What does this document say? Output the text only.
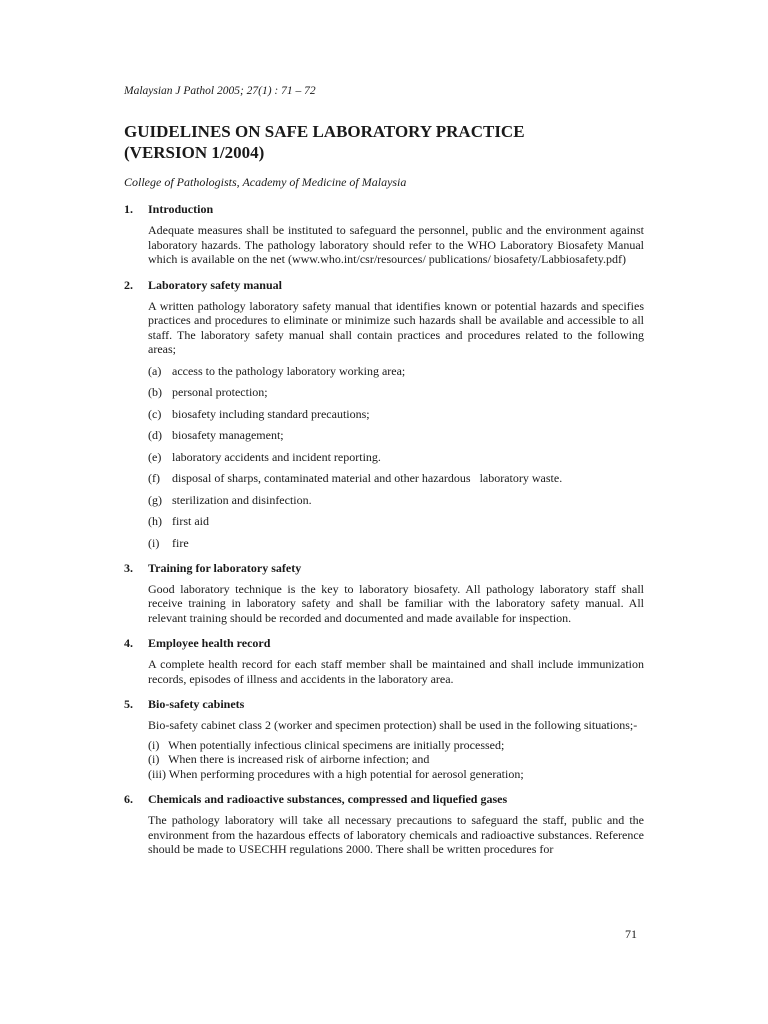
Malaysian J Pathol 2005; 27(1) : 71 – 72
GUIDELINES ON SAFE LABORATORY PRACTICE
(VERSION 1/2004)
College of Pathologists, Academy of Medicine of Malaysia
1. Introduction

Adequate measures shall be instituted to safeguard the personnel, public and the environment against laboratory hazards. The pathology laboratory should refer to the WHO Laboratory Biosafety Manual which is available on the net (www.who.int/csr/resources/ publications/ biosafety/Labbiosafety.pdf)

2. Laboratory safety manual

A written pathology laboratory safety manual that identifies known or potential hazards and specifies practices and procedures to eliminate or minimize such hazards shall be available and accessible to all staff. The laboratory safety manual shall contain practices and procedures related to the following areas;

(a) access to the pathology laboratory working area;
(b) personal protection;
(c) biosafety including standard precautions;
(d) biosafety management;
(e) laboratory accidents and incident reporting.
(f) disposal of sharps, contaminated material and other hazardous   laboratory waste.
(g) sterilization and disinfection.
(h) first aid
(i) fire
3. Training for laboratory safety

Good laboratory technique is the key to laboratory biosafety. All pathology laboratory staff shall receive training in laboratory safety and shall be familiar with the laboratory safety manual. All relevant training should be recorded and documented and made available for inspection.

4. Employee health record

A complete health record for each staff member shall be maintained and shall include immunization records, episodes of illness and accidents in the laboratory area.

5. Bio-safety cabinets

Bio-safety cabinet class 2 (worker and specimen protection) shall be used in the following situations;-

(i)   When potentially infectious clinical specimens are initially processed;
(i)   When there is increased risk of airborne infection; and
(iii) When performing procedures with a high potential for aerosol generation;
6. Chemicals and radioactive substances, compressed and liquefied gases

The pathology laboratory will take all necessary precautions to safeguard the staff, public and the environment from the hazardous effects of laboratory chemicals and radioactive substances. Reference should be made to USECHH regulations 2000. There shall be written procedures for

71
